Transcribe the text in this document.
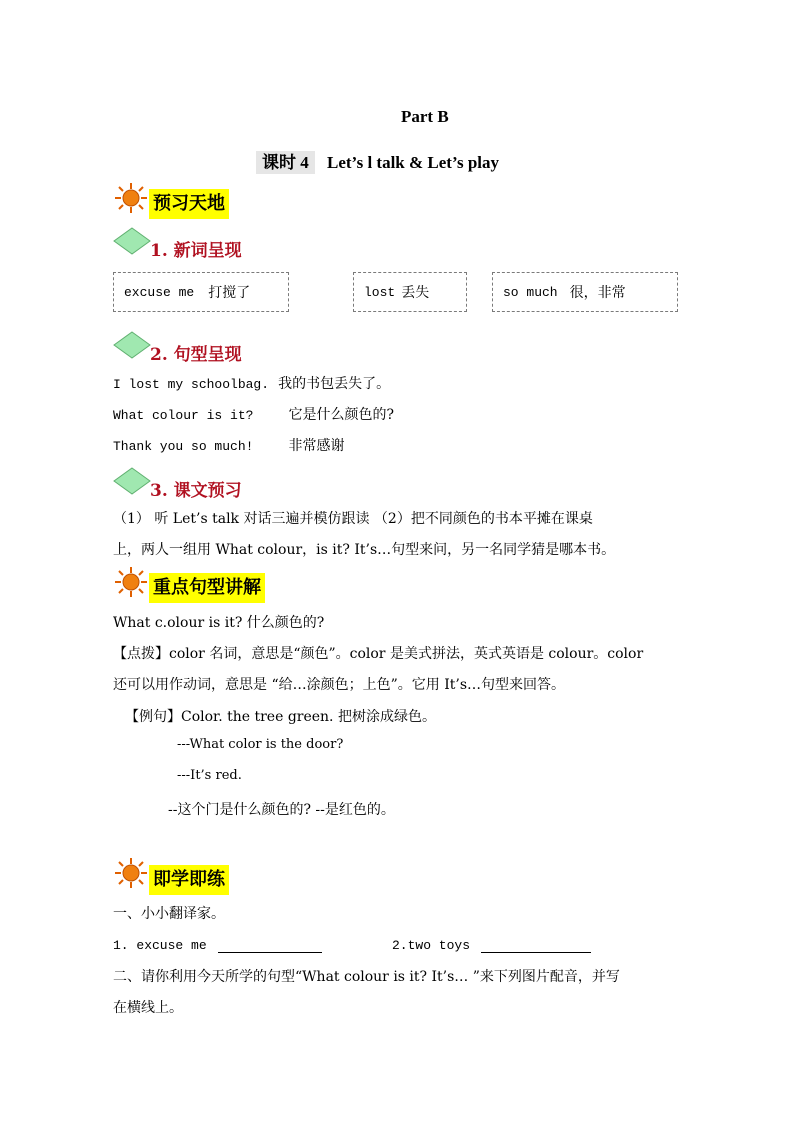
Part B
课时 4 Let’s l talk & Let’s play
预习天地
1. 新词呈现
excuse me 打搅了	lost 丢失	so much 很，非常
2. 句型呈现
I lost my schoolbag. 我的书包丢失了。
What colour is it?	它是什么颜色的?
Thank you so much!	非常感谢
3. 课文预习
（1） 听 Let’s talk 对话三遍并模仿跟读 （2）把不同颜色的书本平摊在课桌
上，两人一组用 What colour，is it? It’s…句型来问，另一名同学猜是哪本书。
重点句型讲解
What c.olour is it? 什么颜色的?
【点拨】color 名词，意思是“颜色”。color 是美式拼法，英式英语是 colour。color
还可以用作动词，意思是 “给…涂颜色；上色”。它用 It’s…句型来回答。
【例句】Color. the tree green. 把树涂成绿色。
---What color is the door?
---It’s red.
--这个门是什么颜色的? --是红色的。
即学即练
一、小小翻译家。
1. excuse me	2.two toys
二、请你利用今天所学的句型“What colour is it? It’s… ”来下列图片配音，并写
在横线上。
